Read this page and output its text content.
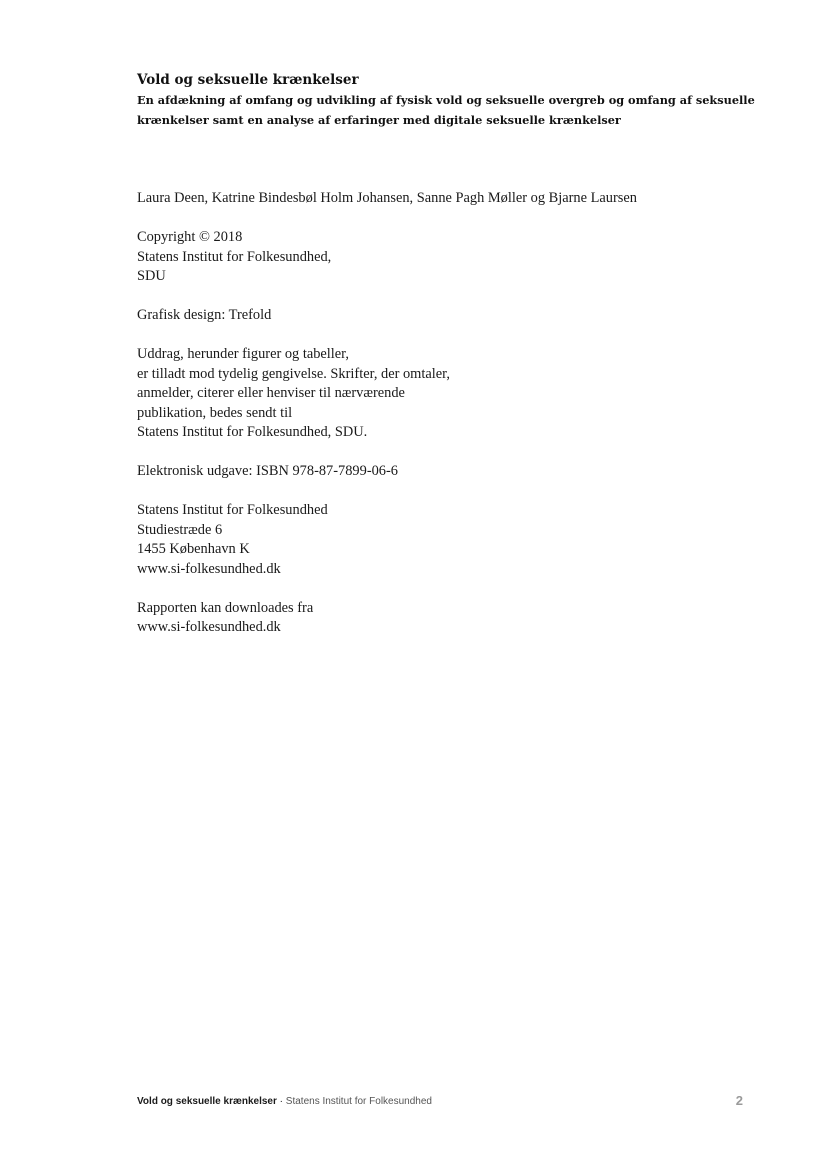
Vold og seksuelle krænkelser
En afdækning af omfang og udvikling af fysisk vold og seksuelle overgreb og omfang af seksuelle
krænkelser samt en analyse af erfaringer med digitale seksuelle krænkelser

Laura Deen, Katrine Bindesbøl Holm Johansen, Sanne Pagh Møller og Bjarne Laursen

Copyright © 2018
Statens Institut for Folkesundhed,
SDU
Grafisk design: Trefold
Uddrag, herunder figurer og tabeller,
er tilladt mod tydelig gengivelse. Skrifter, der omtaler,
anmelder, citerer eller henviser til nærværende
publikation, bedes sendt til
Statens Institut for Folkesundhed, SDU.
Elektronisk udgave: ISBN 978-87-7899-06-6
Statens Institut for Folkesundhed
Studiestræde 6
1455 København K
www.si-folkesundhed.dk
Rapporten kan downloades fra
www.si-folkesundhed.dk
Vold og seksuelle krænkelser · Statens Institut for Folkesundhed	2
